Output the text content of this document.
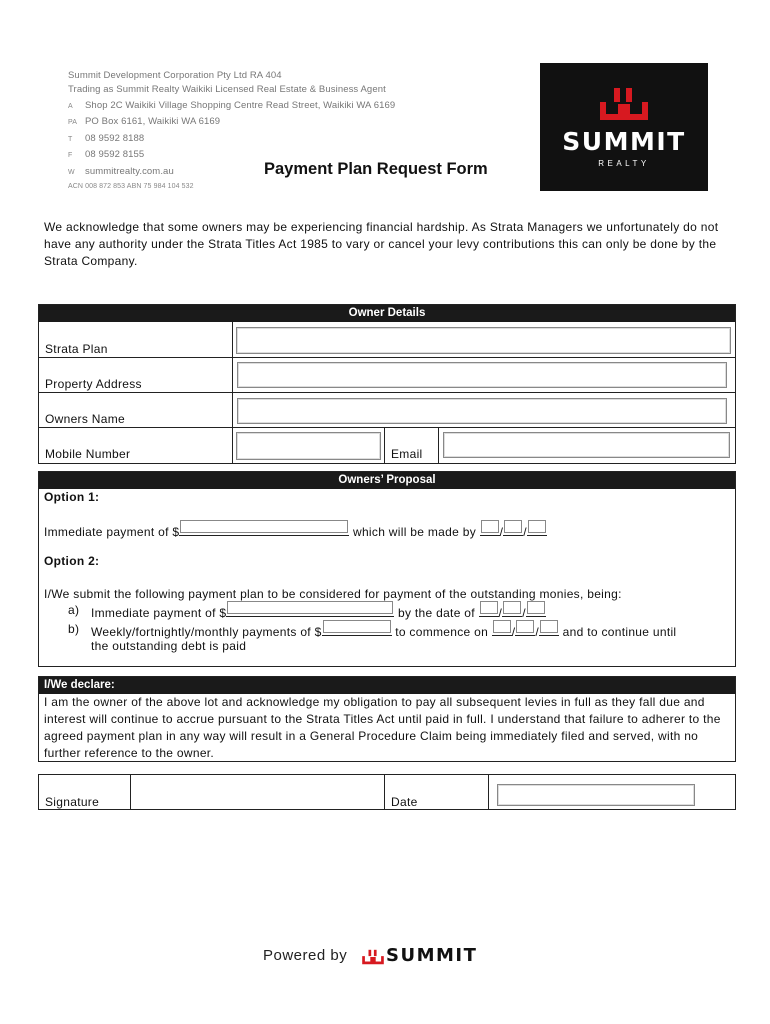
Summit Development Corporation Pty Ltd RA 404
Trading as Summit Realty Waikiki Licensed Real Estate & Business Agent
A Shop 2C Waikiki Village Shopping Centre Read Street, Waikiki WA 6169
PA PO Box 6161, Waikiki WA 6169
T 08 9592 8188
F 08 9592 8155
W summitrealty.com.au
ACN 008 872 853 ABN 75 984 104 532
SUMMIT
REALTY
Payment Plan Request Form
We acknowledge that some owners may be experiencing financial hardship. As Strata Managers we unfortunately do not have any authority under the Strata Titles Act 1985 to vary or cancel your levy contributions this can only be done by the Strata Company.
Owner Details
Strata Plan
Property Address
Owners Name
Mobile Number	Email
Owners’ Proposal
Option 1:
Immediate payment of $	which will be made by / /
Option 2:
I/We submit the following payment plan to be considered for payment of the outstanding monies, being:
a) Immediate payment of $	by the date of / /
b) Weekly/fortnightly/monthly payments of $	to commence on / / and to continue until
the outstanding debt is paid
I/We declare:
I am the owner of the above lot and acknowledge my obligation to pay all subsequent levies in full as they fall due and interest will continue to accrue pursuant to the Strata Titles Act until paid in full. I understand that failure to adherer to the agreed payment plan in any way will result in a General Procedure Claim being immediately filed and served, with no further reference to the owner.
Signature	Date
Powered by SUMMIT
